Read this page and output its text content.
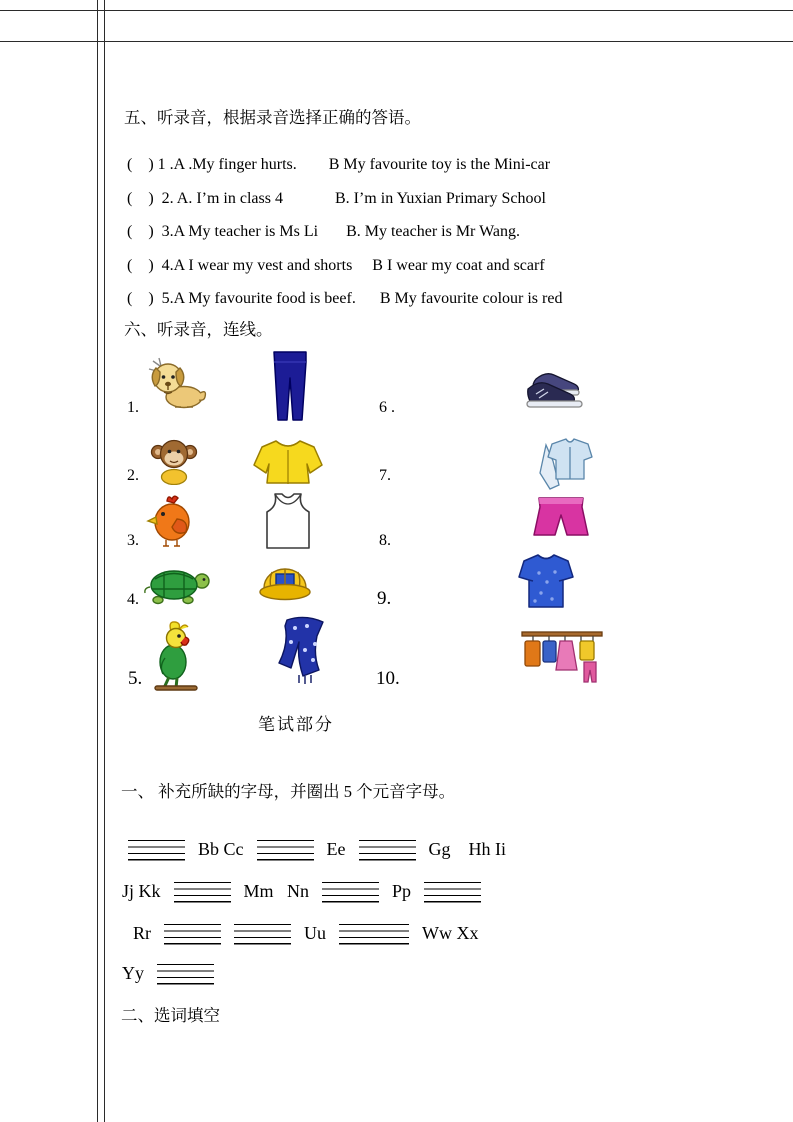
五、听录音，根据录音选择正确的答语。
(    ) 1 .A .My finger hurts.        B My favourite toy is the Mini-car
(    )  2. A. I’m in class 4             B. I’m in Yuxian Primary School
(    )  3.A My teacher is Ms Li       B. My teacher is Mr Wang.
(    )  4.A I wear my vest and shorts     B I wear my coat and scarf
(    )  5.A My favourite food is beef.      B My favourite colour is red
六、听录音，连线。
1.
2.
3.
4.
5.
6 .
7.
8.
9.
10.
笔试部分
一、 补充所缺的字母，并圈出 5 个元音字母。
Bb Cc	Ee	Gg    Hh Ii
Jj Kk	Mm   Nn	Pp
Rr	Uu	Ww Xx
Yy
二、选词填空
